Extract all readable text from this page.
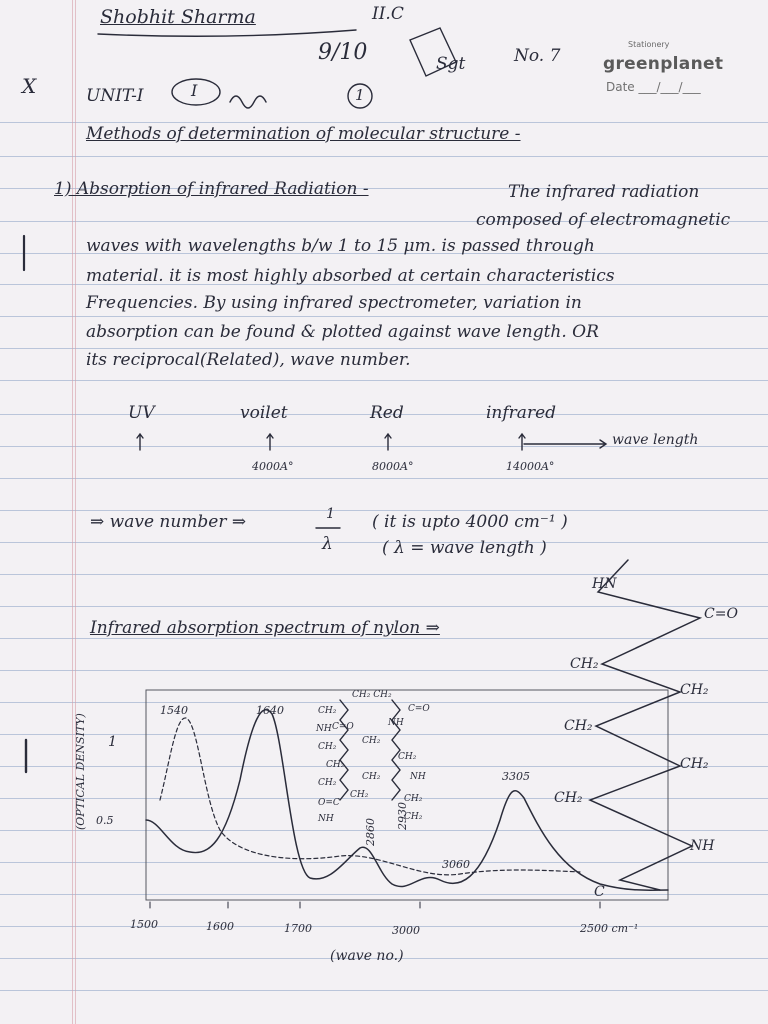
Shobhit Sharma	II.C
9/10	Sgt	No. 7
Stationery
greenplanet
Date ___/___/___
X	UNIT-I	I	1
Methods of determination of molecular structure -
1) Absorption of infrared Radiation -	The infrared radiation
composed of electromagnetic
waves with wavelengths b/w 1 to 15 μm. is passed through
material. it is most highly absorbed at certain characteristics
Frequencies. By using infrared spectrometer, variation in
absorption can be found & plotted against wave length. OR
its reciprocal(Related), wave number.
UV	voilet	Red	infrared
4000A°	8000A°	14000A°
wave length
⇒ wave number ⇒	1
λ
( it is upto 4000 cm⁻¹ )
( λ = wave length )
Infrared absorption spectrum of nylon ⇒
(OPTICAL DENSITY) 1
0.5
1500	1600	1700	3000	2500 cm⁻¹
(wave no.)
1540	1640
2860
2930
3060
3305
CH₂
C=O
NH
CH₂
CH₂
CH₂
O=C
NH
CH₂
CH₂ CH₂
C=O
NH
CH₂
CH₂
NH
CH₂
CH₂
CH₂
HN
C=O
CH₂
CH₂
CH₂
CH₂
CH₂
NH
C
